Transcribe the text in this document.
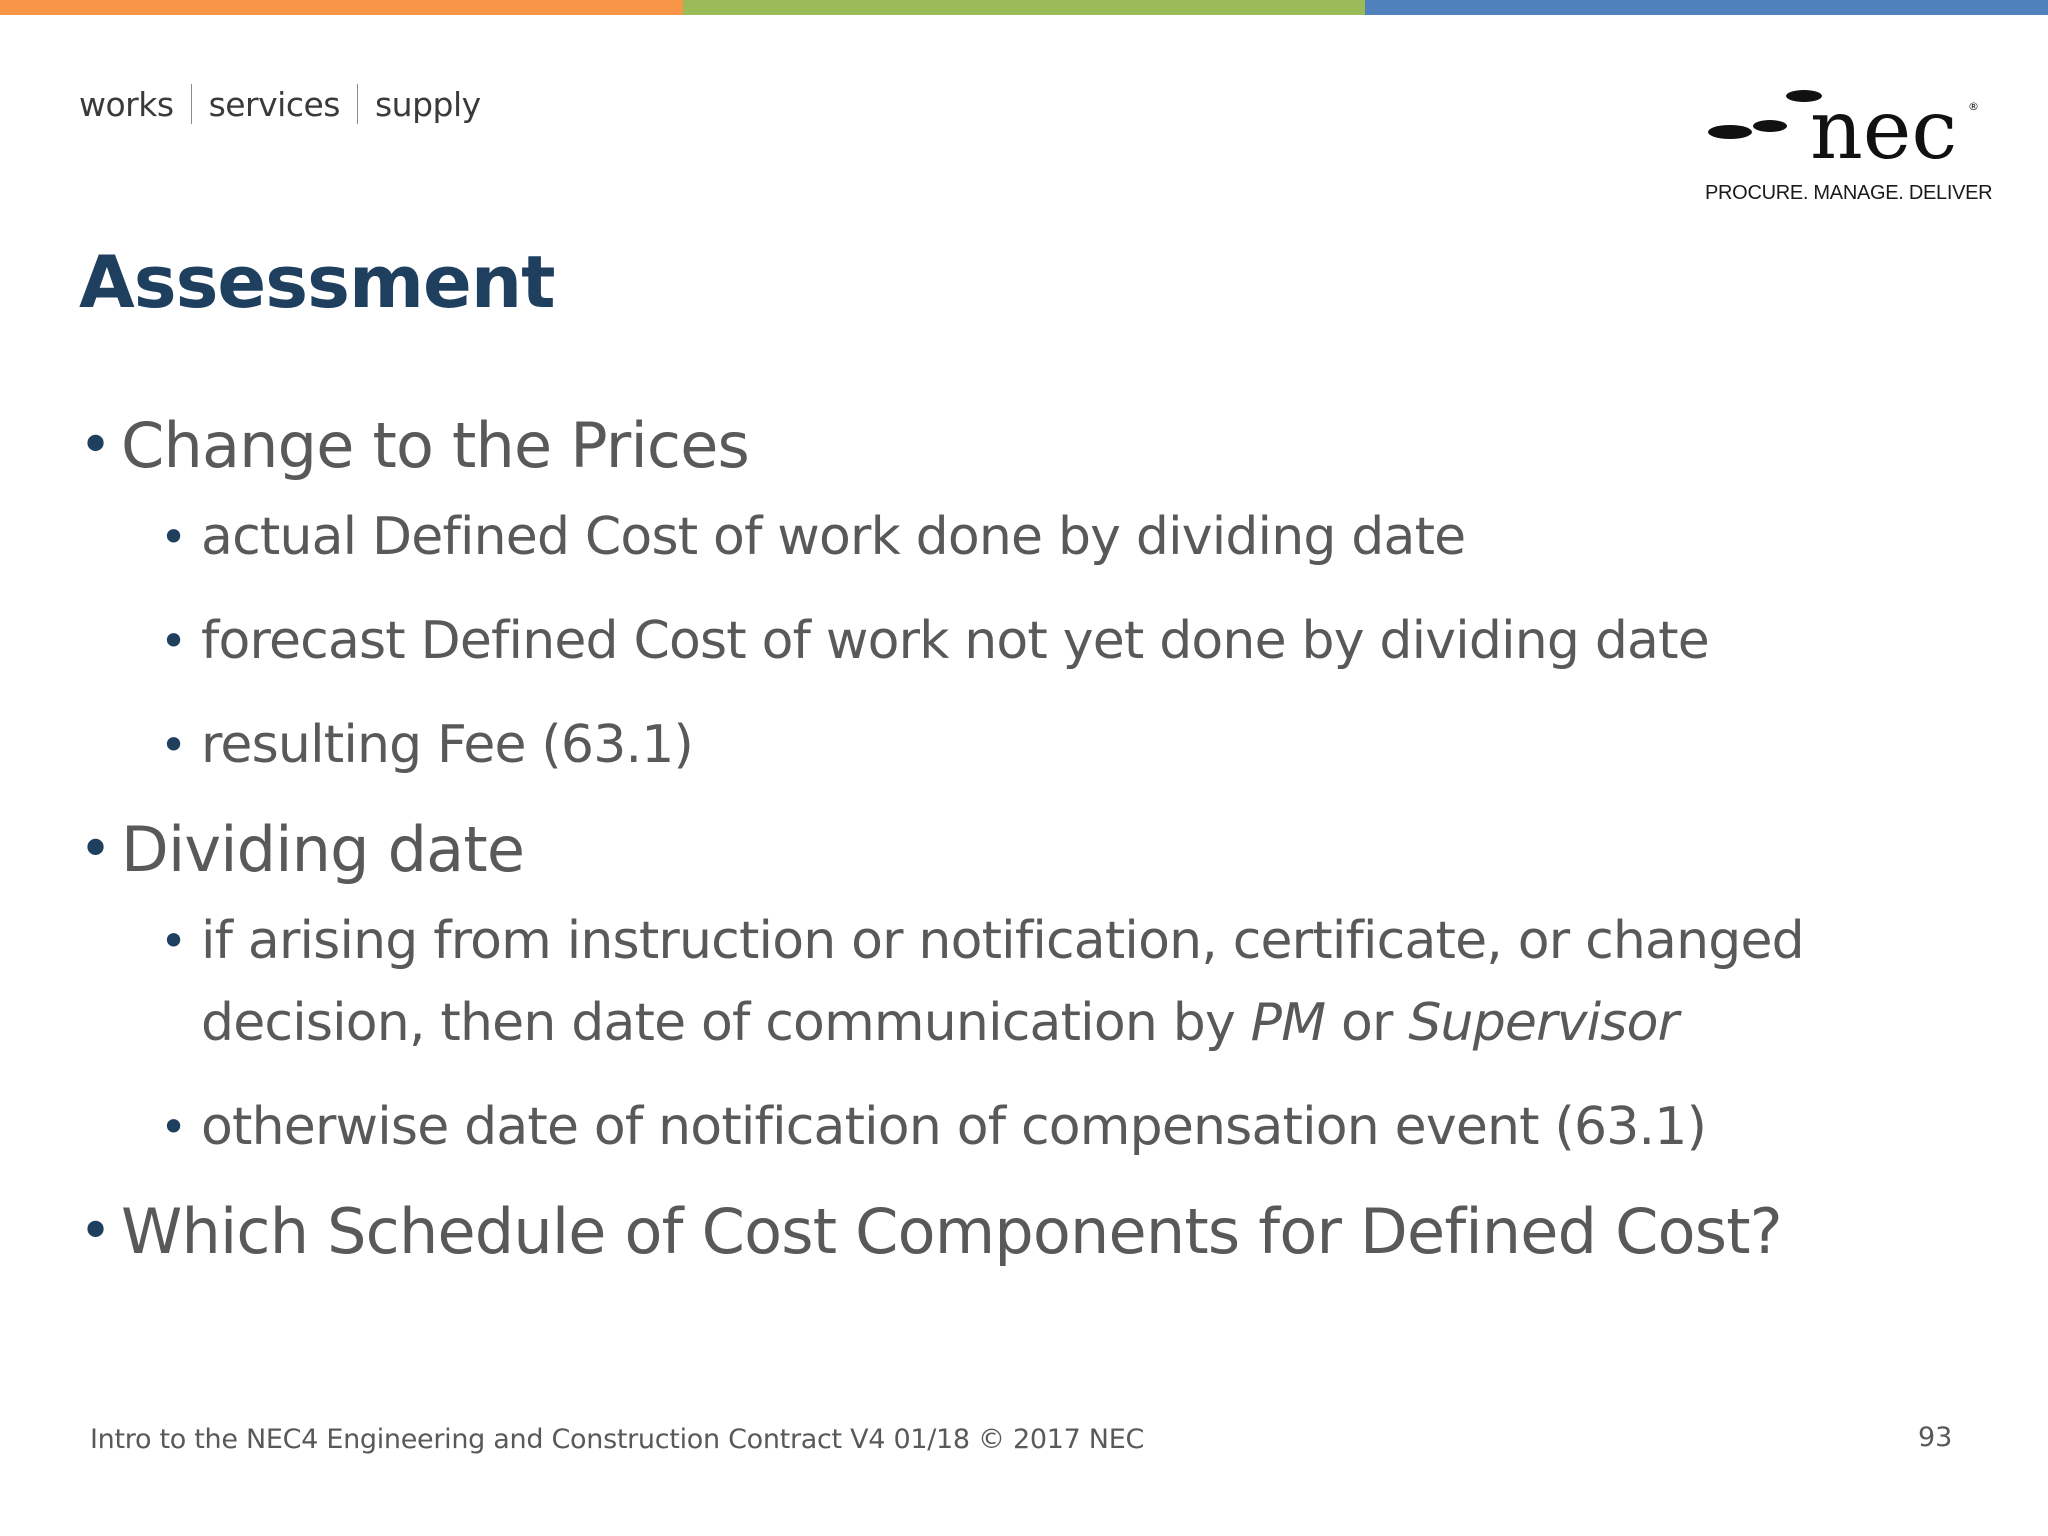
works services supply	nec ®
PROCURE. MANAGE. DELIVER
Assessment
•
Change to the Prices
•
actual Defined Cost of work done by dividing date
•
forecast Defined Cost of work not yet done by dividing date
•
resulting Fee (63.1)
•
Dividing date
•
if arising from instruction or notification, certificate, or changed decision, then date of communication by PM or Supervisor
•
otherwise date of notification of compensation event (63.1)
•
Which Schedule of Cost Components for Defined Cost?
Intro to the NEC4 Engineering and Construction Contract V4 01/18 © 2017 NEC	93
